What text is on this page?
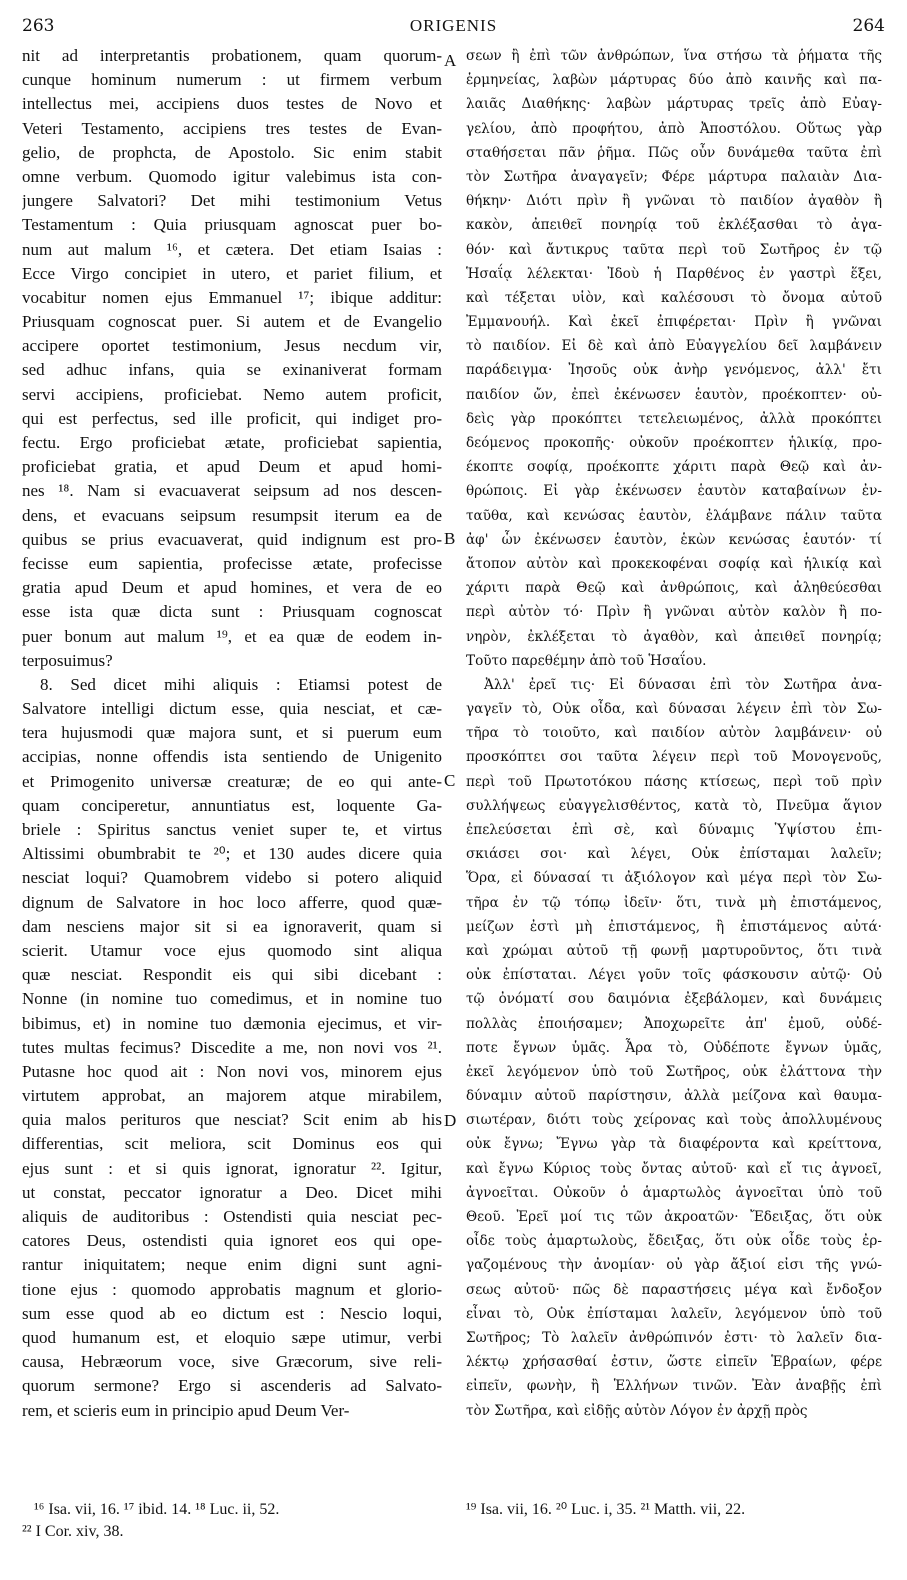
263	ORIGENIS	264
nit ad interpretantis probationem, quam quorum-
cunque hominum numerum : ut firmem verbum
intellectus mei, accipiens duos testes de Novo et
Veteri Testamento, accipiens tres testes de Evan-
gelio, de prophcta, de Apostolo. Sic enim stabit
omne verbum. Quomodo igitur valebimus ista con-
jungere Salvatori? Det mihi testimonium Vetus
Testamentum : Quia priusquam agnoscat puer bo-
num aut malum ¹⁶, et cætera. Det etiam Isaias :
Ecce Virgo concipiet in utero, et pariet filium, et
vocabitur nomen ejus Emmanuel ¹⁷; ibique additur:
Priusquam cognoscat puer. Si autem et de Evangelio
accipere oportet testimonium, Jesus necdum vir,
sed adhuc infans, quia se exinaniverat formam
servi accipiens, proficiebat. Nemo autem proficit,
qui est perfectus, sed ille proficit, qui indiget pro-
fectu. Ergo proficiebat ætate, proficiebat sapientia,
proficiebat gratia, et apud Deum et apud homi-
nes ¹⁸. Nam si evacuaverat seipsum ad nos descen-
dens, et evacuans seipsum resumpsit iterum ea de
quibus se prius evacuaverat, quid indignum est pro-
fecisse eum sapientia, profecisse ætate, profecisse
gratia apud Deum et apud homines, et vera de eo
esse ista quæ dicta sunt : Priusquam cognoscat
puer bonum aut malum ¹⁹, et ea quæ de eodem in-
terposuimus?
8. Sed dicet mihi aliquis : Etiamsi potest de
Salvatore intelligi dictum esse, quia nesciat, et cæ-
tera hujusmodi quæ majora sunt, et si puerum eum
accipias, nonne offendis ista sentiendo de Unigenito
et Primogenito universæ creaturæ; de eo qui ante-
quam conciperetur, annuntiatus est, loquente Ga-
briele : Spiritus sanctus veniet super te, et virtus
Altissimi obumbrabit te ²⁰; et 130 audes dicere quia
nesciat loqui? Quamobrem videbo si potero aliquid
dignum de Salvatore in hoc loco afferre, quod quæ-
dam nesciens major sit si ea ignoraverit, quam si
scierit. Utamur voce ejus quomodo sint aliqua
quæ nesciat. Respondit eis qui sibi dicebant :
Nonne (in nomine tuo comedimus, et in nomine tuo
bibimus, et) in nomine tuo dæmonia ejecimus, et vir-
tutes multas fecimus? Discedite a me, non novi vos ²¹.
Putasne hoc quod ait : Non novi vos, minorem ejus
virtutem approbat, an majorem atque mirabilem,
quia malos perituros que nesciat? Scit enim ab his
differentias, scit meliora, scit Dominus eos qui
ejus sunt : et si quis ignorat, ignoratur ²². Igitur,
ut constat, peccator ignoratur a Deo. Dicet mihi
aliquis de auditoribus : Ostendisti quia nesciat pec-
catores Deus, ostendisti quia ignoret eos qui ope-
rantur iniquitatem; neque enim digni sunt agni-
tione ejus : quomodo approbatis magnum et glorio-
sum esse quod ab eo dictum est : Nescio loqui,
quod humanum est, et eloquio sæpe utimur, verbi
causa, Hebræorum voce, sive Græcorum, sive reli-
quorum sermone? Ergo si ascenderis ad Salvato-
rem, et scieris eum in principio apud Deum Ver-
σεων ἢ ἐπὶ τῶν ἀνθρώπων, ἵνα στήσω τὰ ῥήματα τῆς
ἑρμηνείας, λαβὼν μάρτυρας δύο ἀπὸ καινῆς καὶ πα-
λαιᾶς Διαθήκης· λαβὼν μάρτυρας τρεῖς ἀπὸ Εὐαγ-
γελίου, ἀπὸ προφήτου, ἀπὸ Ἀποστόλου. Οὕτως γὰρ
σταθήσεται πᾶν ῥῆμα. Πῶς οὖν δυνάμεθα ταῦτα ἐπὶ
τὸν Σωτῆρα ἀναγαγεῖν; Φέρε μάρτυρα παλαιὰν Δια-
θήκην· Διότι πρὶν ἢ γνῶναι τὸ παιδίον ἀγαθὸν ἢ
κακὸν, ἀπειθεῖ πονηρίᾳ τοῦ ἐκλέξασθαι τὸ ἀγα-
θόν· καὶ ἄντικρυς ταῦτα περὶ τοῦ Σωτῆρος ἐν τῷ
Ἡσαΐᾳ λέλεκται· Ἰδοὺ ἡ Παρθένος ἐν γαστρὶ ἕξει,
καὶ τέξεται υἱὸν, καὶ καλέσουσι τὸ ὄνομα αὐτοῦ
Ἐμμανουήλ. Καὶ ἐκεῖ ἐπιφέρεται· Πρὶν ἢ γνῶναι
τὸ παιδίον. Εἰ δὲ καὶ ἀπὸ Εὐαγγελίου δεῖ λαμβάνειν
παράδειγμα· Ἰησοῦς οὐκ ἀνὴρ γενόμενος, ἀλλ' ἔτι
παιδίον ὤν, ἐπεὶ ἐκένωσεν ἑαυτὸν, προέκοπτεν· οὐ-
δεὶς γὰρ προκόπτει τετελειωμένος, ἀλλὰ προκόπτει
δεόμενος προκοπῆς· οὐκοῦν προέκοπτεν ἡλικίᾳ, προ-
έκοπτε σοφίᾳ, προέκοπτε χάριτι παρὰ Θεῷ καὶ ἀν-
θρώποις. Εἰ γὰρ ἐκένωσεν ἑαυτὸν καταβαίνων ἐν-
ταῦθα, καὶ κενώσας ἑαυτὸν, ἐλάμβανε πάλιν ταῦτα
ἀφ' ὧν ἐκένωσεν ἑαυτὸν, ἑκὼν κενώσας ἑαυτόν· τί
ἄτοπον αὐτὸν καὶ προκεκοφέναι σοφίᾳ καὶ ἡλικίᾳ καὶ
χάριτι παρὰ Θεῷ καὶ ἀνθρώποις, καὶ ἀληθεύεσθαι
περὶ αὐτὸν τό· Πρὶν ἢ γνῶναι αὐτὸν καλὸν ἢ πο-
νηρὸν, ἐκλέξεται τὸ ἀγαθὸν, καὶ ἀπειθεῖ πονηρίᾳ;
Τοῦτο παρεθέμην ἀπὸ τοῦ Ἡσαΐου.
Ἀλλ' ἐρεῖ τις· Εἰ δύνασαι ἐπὶ τὸν Σωτῆρα ἀνα-
γαγεῖν τὸ, Οὐκ οἶδα, καὶ δύνασαι λέγειν ἐπὶ τὸν Σω-
τῆρα τὸ τοιοῦτο, καὶ παιδίον αὐτὸν λαμβάνειν· οὐ
προσκόπτει σοι ταῦτα λέγειν περὶ τοῦ Μονογενοῦς,
περὶ τοῦ Πρωτοτόκου πάσης κτίσεως, περὶ τοῦ πρὶν
συλλήψεως εὐαγγελισθέντος, κατὰ τὸ, Πνεῦμα ἅγιον
ἐπελεύσεται ἐπὶ σὲ, καὶ δύναμις Ὑψίστου ἐπι-
σκιάσει σοι· καὶ λέγει, Οὐκ ἐπίσταμαι λαλεῖν;
Ὅρα, εἰ δύνασαί τι ἀξιόλογον καὶ μέγα περὶ τὸν Σω-
τῆρα ἐν τῷ τόπῳ ἰδεῖν· ὅτι, τινὰ μὴ ἐπιστάμενος,
μείζων ἐστὶ μὴ ἐπιστάμενος, ἢ ἐπιστάμενος αὐτά·
καὶ χρώμαι αὐτοῦ τῇ φωνῇ μαρτυροῦντος, ὅτι τινὰ
οὐκ ἐπίσταται. Λέγει γοῦν τοῖς φάσκουσιν αὐτῷ· Οὐ
τῷ ὀνόματί σου δαιμόνια ἐξεβάλομεν, καὶ δυνάμεις
πολλὰς ἐποιήσαμεν; Ἀποχωρεῖτε ἀπ' ἐμοῦ, οὐδέ-
ποτε ἔγνων ὑμᾶς. Ἆρα τὸ, Οὐδέποτε ἔγνων ὑμᾶς,
ἐκεῖ λεγόμενον ὑπὸ τοῦ Σωτῆρος, οὐκ ἐλάττονα τὴν
δύναμιν αὐτοῦ παρίστησιν, ἀλλὰ μείζονα καὶ θαυμα-
σιωτέραν, διότι τοὺς χείρονας καὶ τοὺς ἀπολλυμένους
οὐκ ἔγνω; Ἔγνω γὰρ τὰ διαφέροντα καὶ κρείττονα,
καὶ ἔγνω Κύριος τοὺς ὄντας αὐτοῦ· καὶ εἴ τις ἀγνοεῖ,
ἀγνοεῖται. Οὐκοῦν ὁ ἁμαρτωλὸς ἀγνοεῖται ὑπὸ τοῦ
Θεοῦ. Ἐρεῖ μοί τις τῶν ἀκροατῶν· Ἔδειξας, ὅτι οὐκ
οἶδε τοὺς ἁμαρτωλοὺς, ἔδειξας, ὅτι οὐκ οἶδε τοὺς ἐρ-
γαζομένους τὴν ἀνομίαν· οὐ γὰρ ἄξιοί εἰσι τῆς γνώ-
σεως αὐτοῦ· πῶς δὲ παραστήσεις μέγα καὶ ἔνδοξον
εἶναι τὸ, Οὐκ ἐπίσταμαι λαλεῖν, λεγόμενον ὑπὸ τοῦ
Σωτῆρος; Τὸ λαλεῖν ἀνθρώπινόν ἐστι· τὸ λαλεῖν δια-
λέκτῳ χρήσασθαί ἐστιν, ὥστε εἰπεῖν Ἑβραίων, φέρε
εἰπεῖν, φωνὴν, ἢ Ἑλλήνων τινῶν. Ἐὰν ἀναβῇς ἐπὶ
τὸν Σωτῆρα, καὶ εἰδῇς αὐτὸν Λόγον ἐν ἀρχῇ πρὸς
A
B
C
D
¹⁶ Isa. vii, 16. ¹⁷ ibid. 14. ¹⁸ Luc. ii, 52.	¹⁹ Isa. vii, 16. ²⁰ Luc. i, 35. ²¹ Matth. vii, 22.
²² I Cor. xiv, 38.
